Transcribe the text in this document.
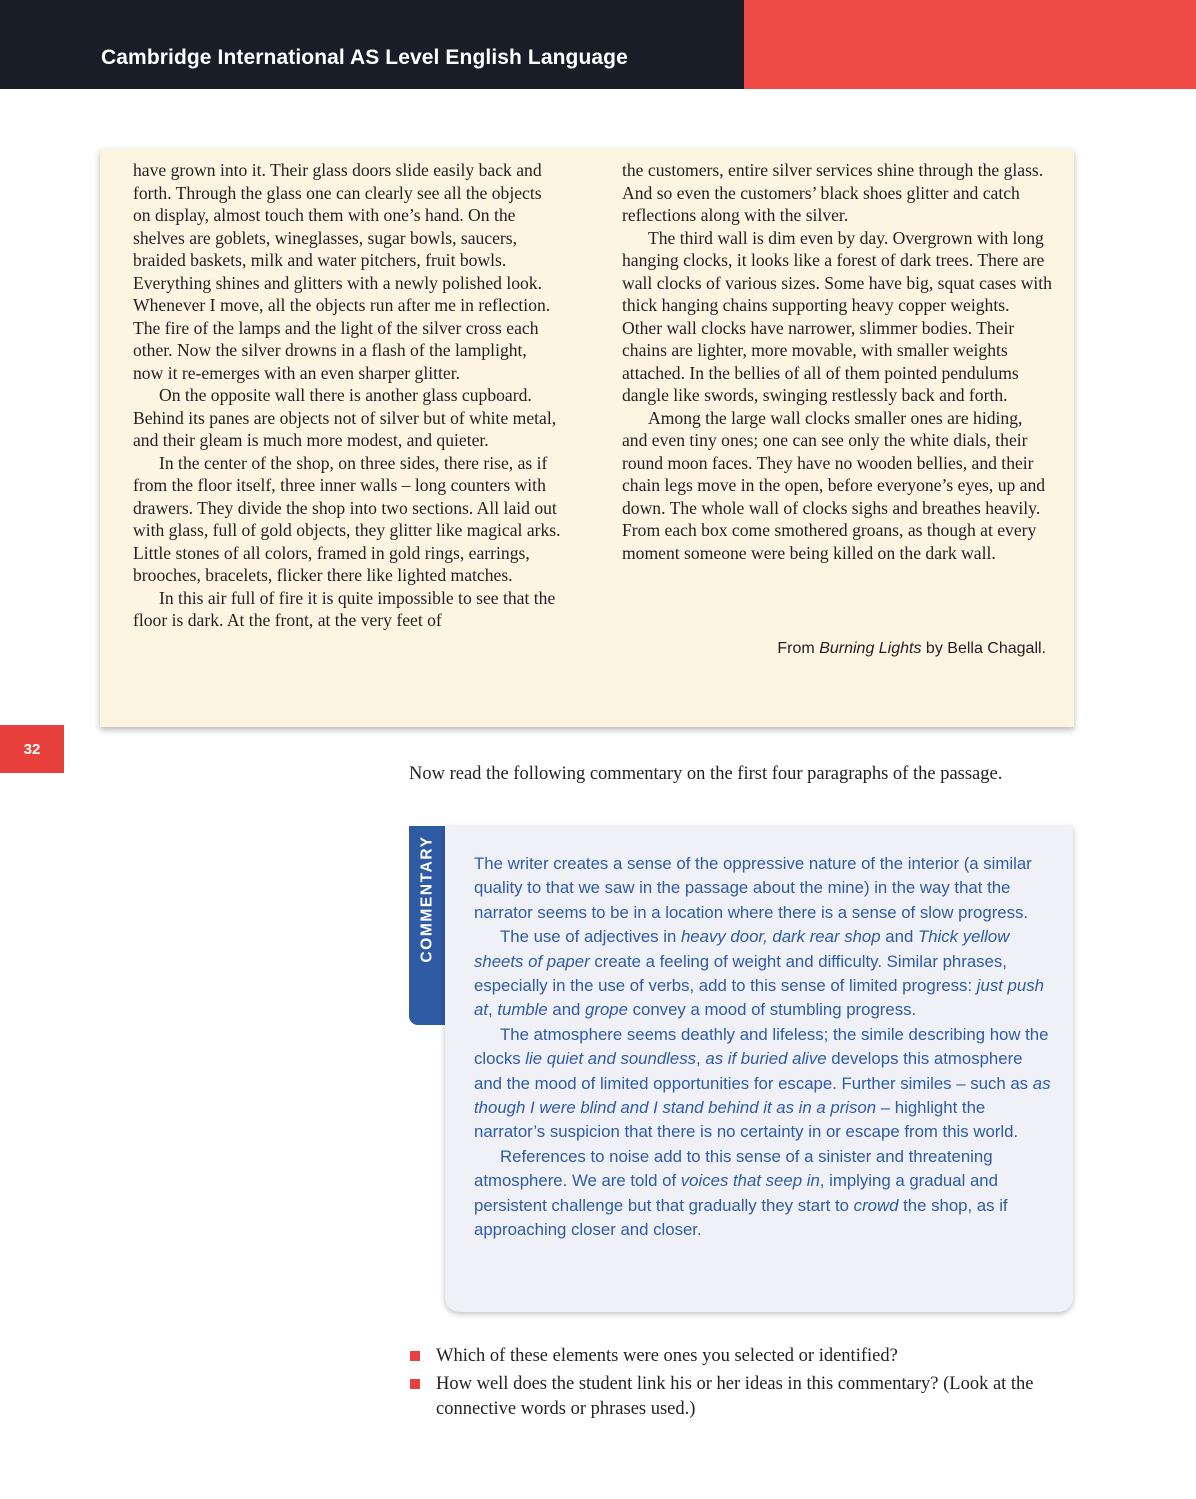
Cambridge International AS Level English Language

have grown into it. Their glass doors slide easily back and forth. Through the glass one can clearly see all the objects on display, almost touch them with one’s hand. On the shelves are goblets, wineglasses, sugar bowls, saucers, braided baskets, milk and water pitchers, fruit bowls. Everything shines and glitters with a newly polished look. Whenever I move, all the objects run after me in reflection. The fire of the lamps and the light of the silver cross each other. Now the silver drowns in a flash of the lamplight, now it re-emerges with an even sharper glitter.

On the opposite wall there is another glass cupboard. Behind its panes are objects not of silver but of white metal, and their gleam is much more modest, and quieter.

In the center of the shop, on three sides, there rise, as if from the floor itself, three inner walls – long counters with drawers. They divide the shop into two sections. All laid out with glass, full of gold objects, they glitter like magical arks. Little stones of all colors, framed in gold rings, earrings, brooches, bracelets, flicker there like lighted matches.

In this air full of fire it is quite impossible to see that the floor is dark. At the front, at the very feet of

the customers, entire silver services shine through the glass. And so even the customers’ black shoes glitter and catch reflections along with the silver.

The third wall is dim even by day. Overgrown with long hanging clocks, it looks like a forest of dark trees. There are wall clocks of various sizes. Some have big, squat cases with thick hanging chains supporting heavy copper weights. Other wall clocks have narrower, slimmer bodies. Their chains are lighter, more movable, with smaller weights attached. In the bellies of all of them pointed pendulums dangle like swords, swinging restlessly back and forth.

Among the large wall clocks smaller ones are hiding, and even tiny ones; one can see only the white dials, their round moon faces. They have no wooden bellies, and their chain legs move in the open, before everyone’s eyes, up and down. The whole wall of clocks sighs and breathes heavily. From each box come smothered groans, as though at every moment someone were being killed on the dark wall.

From Burning Lights by Bella Chagall.
32
Now read the following commentary on the first four paragraphs of the passage.
COMMENTARY The writer creates a sense of the oppressive nature of the interior (a similar quality to that we saw in the passage about the mine) in the way that the narrator seems to be in a location where there is a sense of slow progress.

The use of adjectives in heavy door, dark rear shop and Thick yellow sheets of paper create a feeling of weight and difficulty. Similar phrases, especially in the use of verbs, add to this sense of limited progress: just push at, tumble and grope convey a mood of stumbling progress.

The atmosphere seems deathly and lifeless; the simile describing how the clocks lie quiet and soundless, as if buried alive develops this atmosphere and the mood of limited opportunities for escape. Further similes – such as as though I were blind and I stand behind it as in a prison – highlight the narrator’s suspicion that there is no certainty in or escape from this world.

References to noise add to this sense of a sinister and threatening atmosphere. We are told of voices that seep in, implying a gradual and persistent challenge but that gradually they start to crowd the shop, as if approaching closer and closer.

Which of these elements were ones you selected or identified?
How well does the student link his or her ideas in this commentary? (Look at the connective words or phrases used.)
